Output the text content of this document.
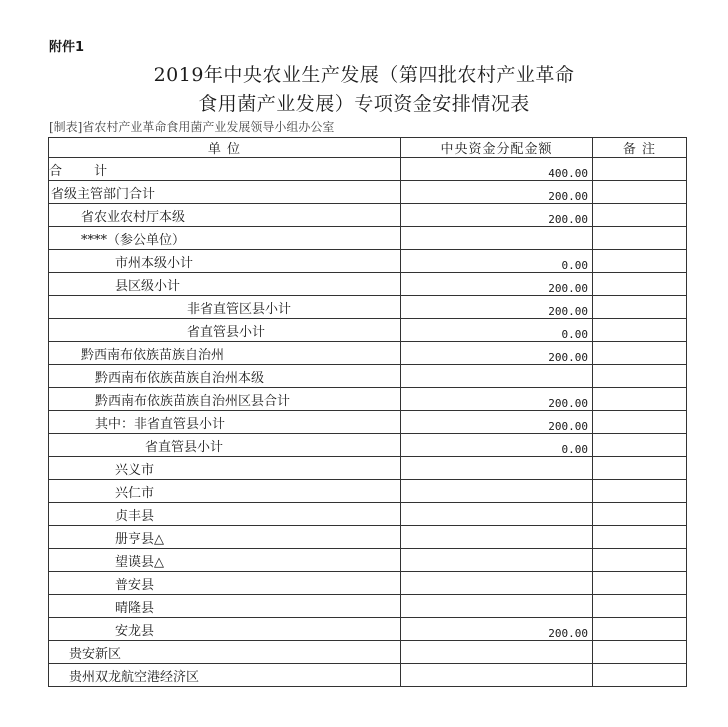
附件1
2019年中央农业生产发展（第四批农村产业革命
食用菌产业发展）专项资金安排情况表
[制表]省农村产业革命食用菌产业发展领导小组办公室
单 位	中央资金分配金额	备 注
合 计	400.00	
省级主管部门合计	200.00	
省农业农村厅本级	200.00	
****（参公单位）		
市州本级小计	0.00	
县区级小计	200.00	
非省直管区县小计	200.00	
省直管县小计	0.00	
黔西南布依族苗族自治州	200.00	
黔西南布依族苗族自治州本级		
黔西南布依族苗族自治州区县合计	200.00	
其中：非省直管县小计	200.00	
省直管县小计	0.00	
兴义市		
兴仁市		
贞丰县		
册亨县△		
望谟县△		
普安县		
晴隆县		
安龙县	200.00	
贵安新区		
贵州双龙航空港经济区		
